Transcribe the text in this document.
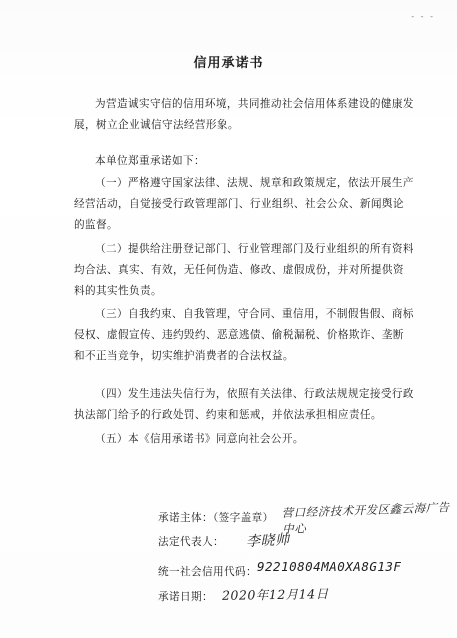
- - -
信用承诺书
为营造诚实守信的信用环境，共同推动社会信用体系建设的健康发展，树立企业诚信守法经营形象。
本单位郑重承诺如下：
（一）严格遵守国家法律、法规、规章和政策规定，依法开展生产经营活动，自觉接受行政管理部门、行业组织、社会公众、新闻舆论的监督。
（二）提供给注册登记部门、行业管理部门及行业组织的所有资料均合法、真实、有效，无任何伪造、修改、虚假成份，并对所提供资料的其实性负责。
（三）自我约束、自我管理，守合同、重信用，不制假售假、商标侵权、虚假宣传、违约毁约、恶意逃债、偷税漏税、价格欺诈、垄断和不正当竞争，切实维护消费者的合法权益。
（四）发生违法失信行为，依照有关法律、行政法规规定接受行政执法部门给予的行政处罚、约束和惩戒，并依法承担相应责任。
（五）本《信用承诺书》同意向社会公开。
承诺主体：（签字盖章） 营口经济技术开发区鑫云海广告中心
法定代表人： 李晓帅
统一社会信用代码： 92210804MA0XA8G13F
承诺日期： 2020年12月14日
